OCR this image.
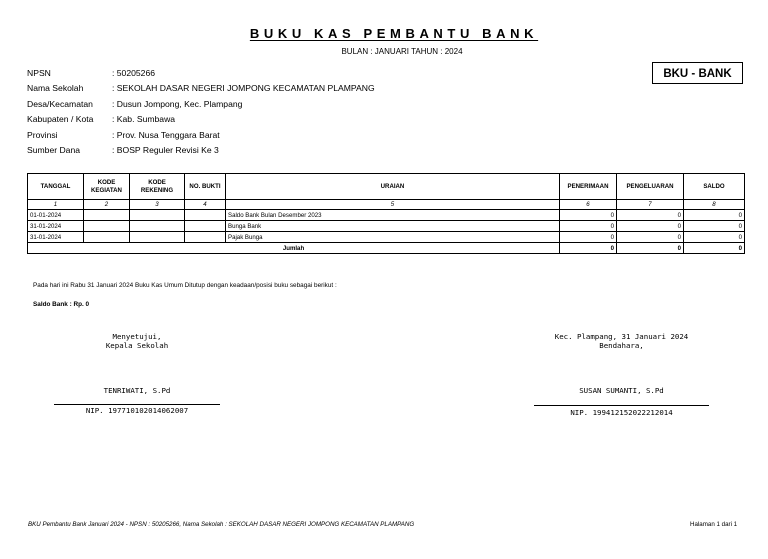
BUKU KAS PEMBANTU BANK
BULAN : JANUARI TAHUN : 2024
BKU - BANK
NPSN	: 50205266
Nama Sekolah	: SEKOLAH DASAR NEGERI JOMPONG KECAMATAN PLAMPANG
Desa/Kecamatan	: Dusun Jompong, Kec. Plampang
Kabupaten / Kota	: Kab. Sumbawa
Provinsi	: Prov. Nusa Tenggara Barat
Sumber Dana	: BOSP Reguler Revisi Ke 3
TANGGAL	KODE KEGIATAN	KODE REKENING	NO. BUKTI	URAIAN	PENERIMAAN	PENGELUARAN	SALDO
1	2	3	4	5	6	7	8
01-01-2024				Saldo Bank Bulan Desember 2023	0	0	0
31-01-2024				Bunga Bank	0	0	0
31-01-2024				Pajak Bunga	0	0	0
Jumlah					0	0	0
Pada hari ini Rabu 31 Januari 2024 Buku Kas Umum Ditutup dengan keadaan/posisi buku sebagai berikut :
Saldo Bank : Rp. 0
Menyetujui,
Kepala Sekolah
TENRIWATI, S.Pd
NIP. 197710102014062007
Kec. Plampang, 31 Januari 2024
Bendahara,
SUSAN SUMANTI, S.Pd
NIP. 199412152022212014
BKU Pembantu Bank Januari 2024 - NPSN : 50205266, Nama Sekolah : SEKOLAH DASAR NEGERI JOMPONG KECAMATAN PLAMPANG	Halaman 1 dari 1
